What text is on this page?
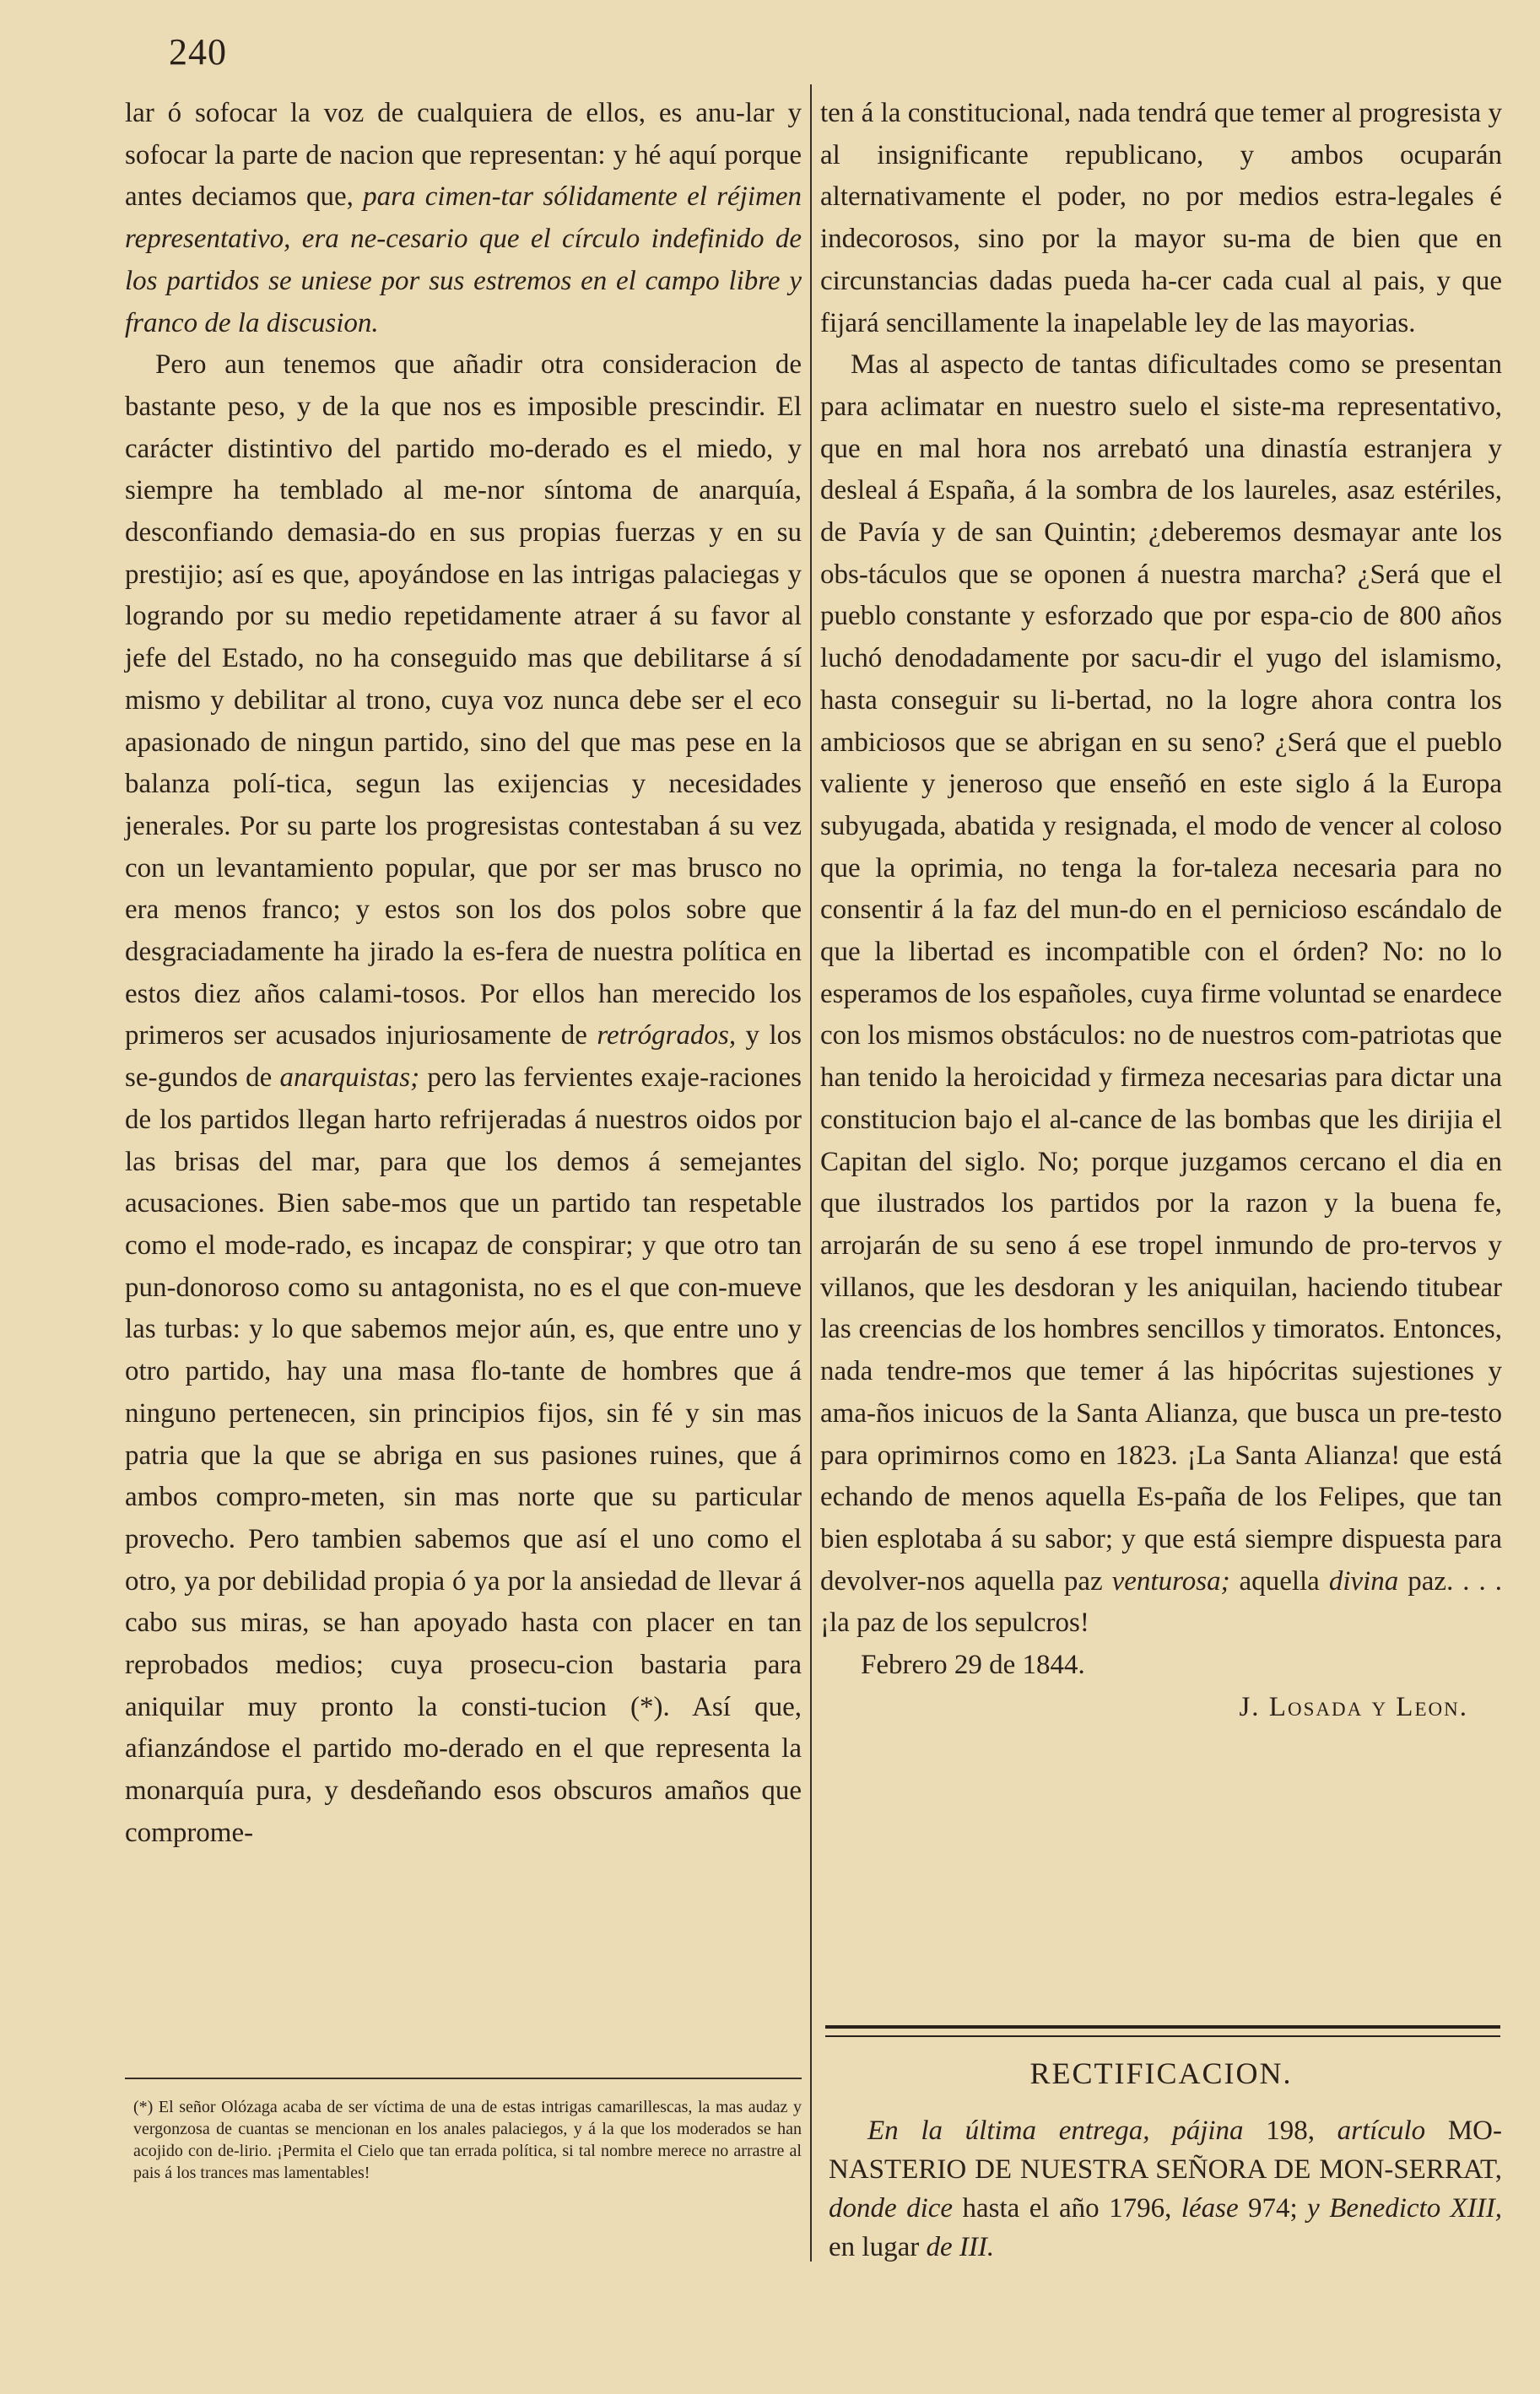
240

lar ó sofocar la voz de cualquiera de ellos, es anu-lar y sofocar la parte de nacion que representan: y hé aquí porque antes deciamos que, para cimen-tar sólidamente el réjimen representativo, era ne-cesario que el círculo indefinido de los partidos se uniese por sus estremos en el campo libre y franco de la discusion.

Pero aun tenemos que añadir otra consideracion de bastante peso, y de la que nos es imposible prescindir. El carácter distintivo del partido mo-derado es el miedo, y siempre ha temblado al me-nor síntoma de anarquía, desconfiando demasia-do en sus propias fuerzas y en su prestijio; así es que, apoyándose en las intrigas palaciegas y logrando por su medio repetidamente atraer á su favor al jefe del Estado, no ha conseguido mas que debilitarse á sí mismo y debilitar al trono, cuya voz nunca debe ser el eco apasionado de ningun partido, sino del que mas pese en la balanza polí-tica, segun las exijencias y necesidades jenerales. Por su parte los progresistas contestaban á su vez con un levantamiento popular, que por ser mas brusco no era menos franco; y estos son los dos polos sobre que desgraciadamente ha jirado la es-fera de nuestra política en estos diez años calami-tosos. Por ellos han merecido los primeros ser acusados injuriosamente de retrógrados, y los se-gundos de anarquistas; pero las fervientes exaje-raciones de los partidos llegan harto refrijeradas á nuestros oidos por las brisas del mar, para que los demos á semejantes acusaciones. Bien sabe-mos que un partido tan respetable como el mode-rado, es incapaz de conspirar; y que otro tan pun-donoroso como su antagonista, no es el que con-mueve las turbas: y lo que sabemos mejor aún, es, que entre uno y otro partido, hay una masa flo-tante de hombres que á ninguno pertenecen, sin principios fijos, sin fé y sin mas patria que la que se abriga en sus pasiones ruines, que á ambos compro-meten, sin mas norte que su particular provecho. Pero tambien sabemos que así el uno como el otro, ya por debilidad propia ó ya por la ansiedad de llevar á cabo sus miras, se han apoyado hasta con placer en tan reprobados medios; cuya prosecu-cion bastaria para aniquilar muy pronto la consti-tucion (*). Así que, afianzándose el partido mo-derado en el que representa la monarquía pura, y desdeñando esos obscuros amaños que comprome-

(*) El señor Olózaga acaba de ser víctima de una de estas intrigas camarillescas, la mas audaz y vergonzosa de cuantas se mencionan en los anales palaciegos, y á la que los moderados se han acojido con de-lirio. ¡Permita el Cielo que tan errada política, si tal nombre merece no arrastre al pais á los trances mas lamentables!

ten á la constitucional, nada tendrá que temer al progresista y al insignificante republicano, y ambos ocuparán alternativamente el poder, no por medios estra-legales é indecorosos, sino por la mayor su-ma de bien que en circunstancias dadas pueda ha-cer cada cual al pais, y que fijará sencillamente la inapelable ley de las mayorias.

Mas al aspecto de tantas dificultades como se presentan para aclimatar en nuestro suelo el siste-ma representativo, que en mal hora nos arrebató una dinastía estranjera y desleal á España, á la sombra de los laureles, asaz estériles, de Pavía y de san Quintin; ¿deberemos desmayar ante los obs-táculos que se oponen á nuestra marcha? ¿Será que el pueblo constante y esforzado que por espa-cio de 800 años luchó denodadamente por sacu-dir el yugo del islamismo, hasta conseguir su li-bertad, no la logre ahora contra los ambiciosos que se abrigan en su seno? ¿Será que el pueblo valiente y jeneroso que enseñó en este siglo á la Europa subyugada, abatida y resignada, el modo de vencer al coloso que la oprimia, no tenga la for-taleza necesaria para no consentir á la faz del mun-do en el pernicioso escándalo de que la libertad es incompatible con el órden? No: no lo esperamos de los españoles, cuya firme voluntad se enardece con los mismos obstáculos: no de nuestros com-patriotas que han tenido la heroicidad y firmeza necesarias para dictar una constitucion bajo el al-cance de las bombas que les dirijia el Capitan del siglo. No; porque juzgamos cercano el dia en que ilustrados los partidos por la razon y la buena fe, arrojarán de su seno á ese tropel inmundo de pro-tervos y villanos, que les desdoran y les aniquilan, haciendo titubear las creencias de los hombres sencillos y timoratos. Entonces, nada tendre-mos que temer á las hipócritas sujestiones y ama-ños inicuos de la Santa Alianza, que busca un pre-testo para oprimirnos como en 1823. ¡La Santa Alianza! que está echando de menos aquella Es-paña de los Felipes, que tan bien esplotaba á su sabor; y que está siempre dispuesta para devolver-nos aquella paz venturosa; aquella divina paz. . . . ¡la paz de los sepulcros!

Febrero 29 de 1844.

J. Losada y Leon.

RECTIFICACION.

En la última entrega, pájina 198, artículo MO-NASTERIO DE NUESTRA SEÑORA DE MON-SERRAT, donde dice hasta el año 1796, léase 974; y Benedicto XIII, en lugar de III.
